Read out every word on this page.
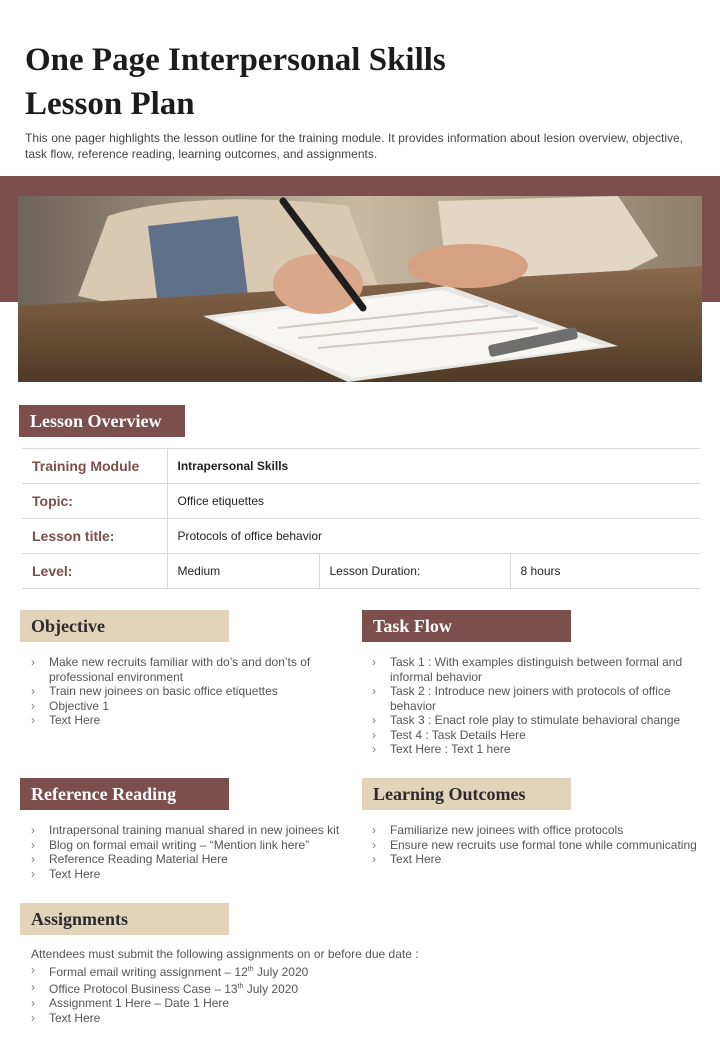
One Page Interpersonal Skills
Lesson Plan

This one pager highlights the lesson outline for the training module. It provides information about lesion overview, objective, task flow, reference reading, learning outcomes, and assignments.

Lesson Overview
Training Module	Intrapersonal Skills		
Topic:	Office etiquettes		
Lesson title:	Protocols of office behavior		
Level:	Medium	Lesson Duration:	8 hours
Objective
› Make new recruits familiar with do’s and don’ts of professional environment
› Train new joinees on basic office etiquettes
› Objective 1
› Text Here
Task Flow
› Task 1 : With examples distinguish between formal and informal behavior
› Task 2 : Introduce new joiners with protocols of office behavior
› Task 3 : Enact role play to stimulate behavioral change
› Test 4 : Task Details Here
› Text Here : Text 1 here
Reference Reading
› Intrapersonal training manual shared in new joinees kit
› Blog on formal email writing – “Mention link here”
› Reference Reading Material Here
› Text Here
Learning Outcomes
› Familiarize new joinees with office protocols
› Ensure new recruits use formal tone while communicating
› Text Here
Assignments

Attendees must submit the following assignments on or before due date :

› Formal email writing assignment – 12th July 2020
› Office Protocol Business Case – 13th July 2020
› Assignment 1 Here – Date 1 Here
› Text Here
